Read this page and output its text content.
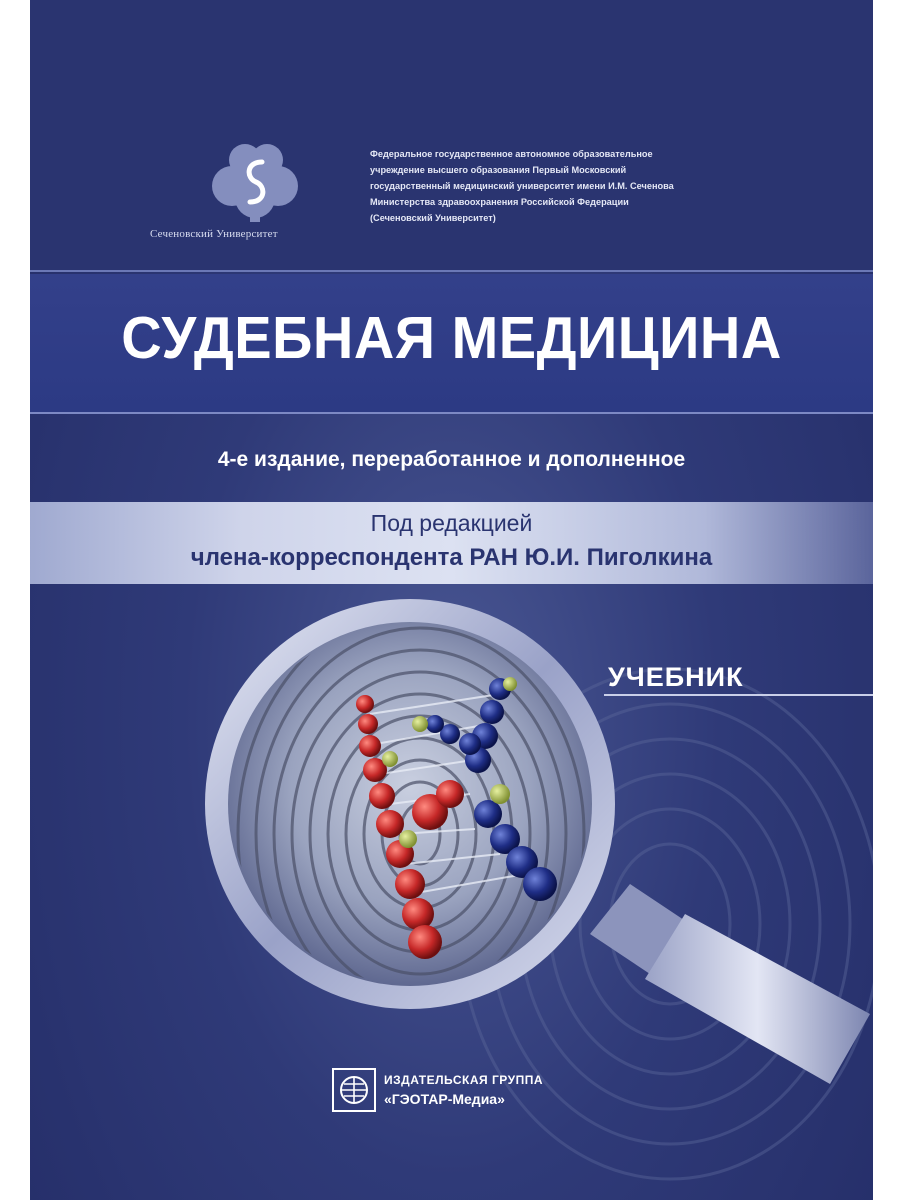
Сеченовский Университет
Федеральное государственное автономное образовательное
учреждение высшего образования Первый Московский
государственный медицинский университет имени И.М. Сеченова
Министерства здравоохранения Российской Федерации
(Сеченовский Университет)
СУДЕБНАЯ МЕДИЦИНА
4-е издание, переработанное и дополненное
Под редакцией
члена-корреспондента РАН Ю.И. Пиголкина
УЧЕБНИК
ИЗДАТЕЛЬСКАЯ ГРУППА
«ГЭОТАР-Медиа»
